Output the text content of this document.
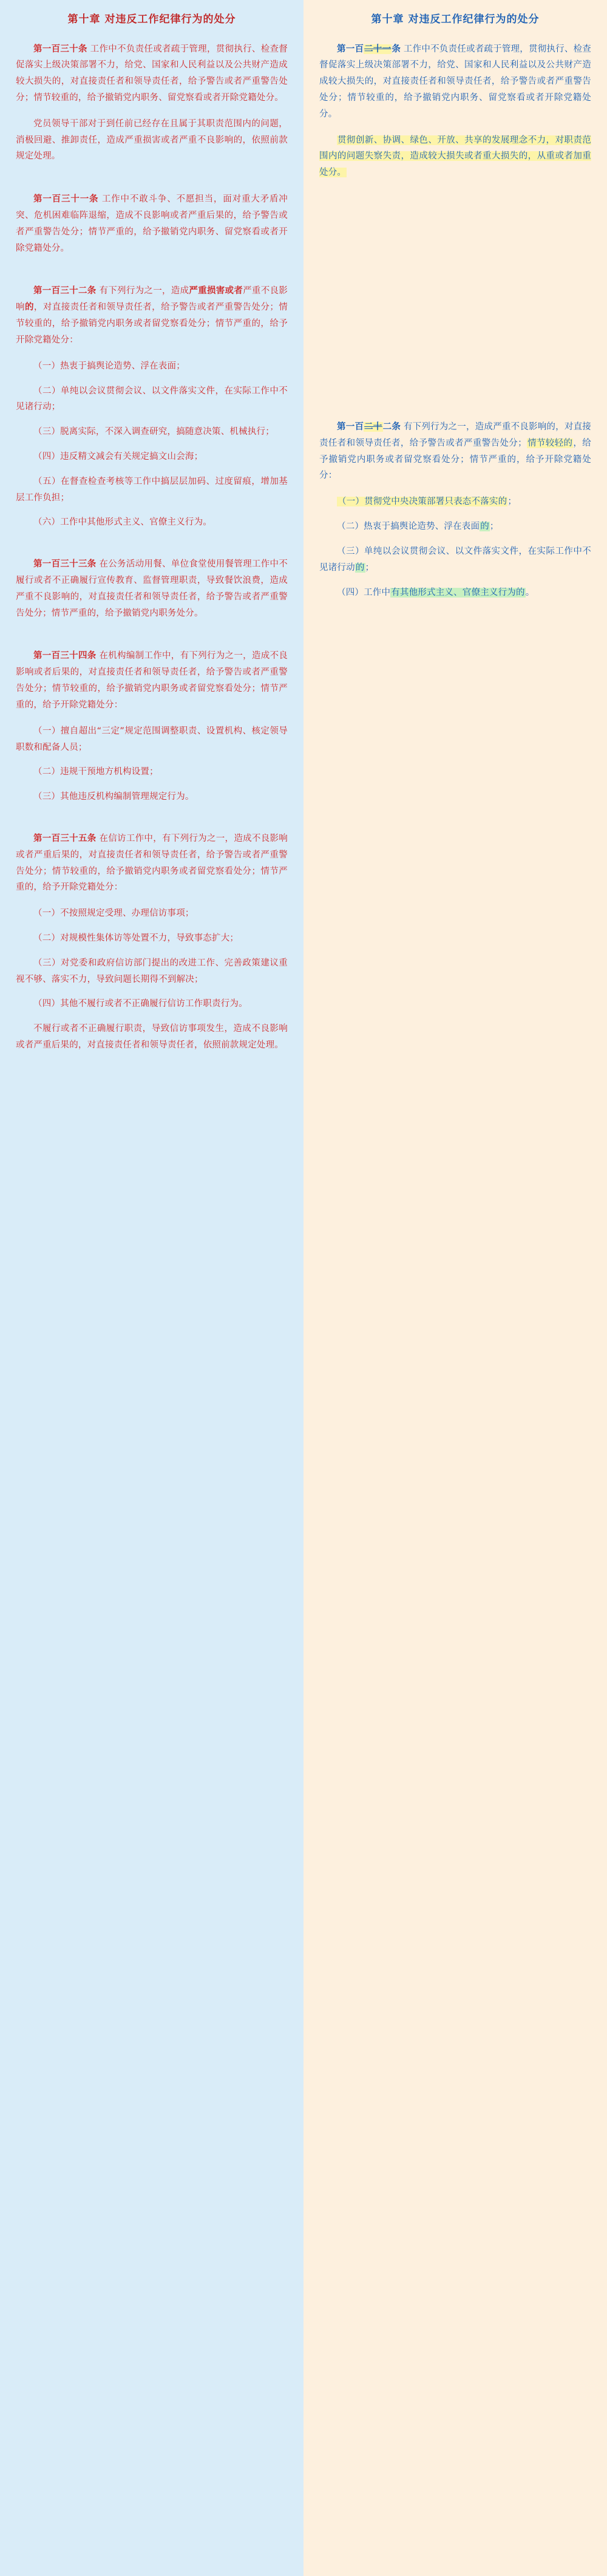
第十章 对违反工作纪律行为的处分

第一百三十条 工作中不负责任或者疏于管理，贯彻执行、检查督促落实上级决策部署不力，给党、国家和人民利益以及公共财产造成较大损失的，对直接责任者和领导责任者，给予警告或者严重警告处分；情节较重的，给予撤销党内职务、留党察看或者开除党籍处分。

党员领导干部对于到任前已经存在且属于其职责范围内的问题，消极回避、推卸责任，造成严重损害或者严重不良影响的，依照前款规定处理。

第一百三十一条 工作中不敢斗争、不愿担当，面对重大矛盾冲突、危机困难临阵退缩，造成不良影响或者严重后果的，给予警告或者严重警告处分；情节严重的，给予撤销党内职务、留党察看或者开除党籍处分。

第一百三十二条 有下列行为之一，造成严重损害或者严重不良影响的，对直接责任者和领导责任者，给予警告或者严重警告处分；情节较重的，给予撤销党内职务或者留党察看处分；情节严重的，给予开除党籍处分：

（一）热衷于搞舆论造势、浮在表面；

（二）单纯以会议贯彻会议、以文件落实文件，在实际工作中不见诸行动；

（三）脱离实际，不深入调查研究，搞随意决策、机械执行；

（四）违反精文减会有关规定搞文山会海；

（五）在督查检查考核等工作中搞层层加码、过度留痕，增加基层工作负担；

（六）工作中其他形式主义、官僚主义行为。

第一百三十三条 在公务活动用餐、单位食堂使用餐管理工作中不履行或者不正确履行宣传教育、监督管理职责，导致餐饮浪费，造成严重不良影响的，对直接责任者和领导责任者，给予警告或者严重警告处分；情节严重的，给予撤销党内职务处分。

第一百三十四条 在机构编制工作中，有下列行为之一，造成不良影响或者后果的，对直接责任者和领导责任者，给予警告或者严重警告处分；情节较重的，给予撤销党内职务或者留党察看处分；情节严重的，给予开除党籍处分：

（一）擅自超出“三定”规定范围调整职责、设置机构、核定领导职数和配备人员；

（二）违规干预地方机构设置；

（三）其他违反机构编制管理规定行为。

第一百三十五条 在信访工作中，有下列行为之一，造成不良影响或者严重后果的，对直接责任者和领导责任者，给予警告或者严重警告处分；情节较重的，给予撤销党内职务或者留党察看处分；情节严重的，给予开除党籍处分：

（一）不按照规定受理、办理信访事项；

（二）对规模性集体访等处置不力，导致事态扩大；

（三）对党委和政府信访部门提出的改进工作、完善政策建议重视不够、落实不力，导致问题长期得不到解决；

（四）其他不履行或者不正确履行信访工作职责行为。

不履行或者不正确履行职责，导致信访事项发生，造成不良影响或者严重后果的，对直接责任者和领导责任者，依照前款规定处理。

第十章 对违反工作纪律行为的处分

第一百二十一条 工作中不负责任或者疏于管理，贯彻执行、检查督促落实上级决策部署不力，给党、国家和人民利益以及公共财产造成较大损失的，对直接责任者和领导责任者，给予警告或者严重警告处分；情节较重的，给予撤销党内职务、留党察看或者开除党籍处分。

贯彻创新、协调、绿色、开放、共享的发展理念不力，对职责范围内的问题失察失责，造成较大损失或者重大损失的，从重或者加重处分。

第一百二十二条 有下列行为之一，造成严重不良影响的，对直接责任者和领导责任者，给予警告或者严重警告处分；情节较轻的，给予撤销党内职务或者留党察看处分；情节严重的，给予开除党籍处分：

（一）贯彻党中央决策部署只表态不落实的；

（二）热衷于搞舆论造势、浮在表面的；

（三）单纯以会议贯彻会议、以文件落实文件，在实际工作中不见诸行动的；

（四）工作中有其他形式主义、官僚主义行为的。
